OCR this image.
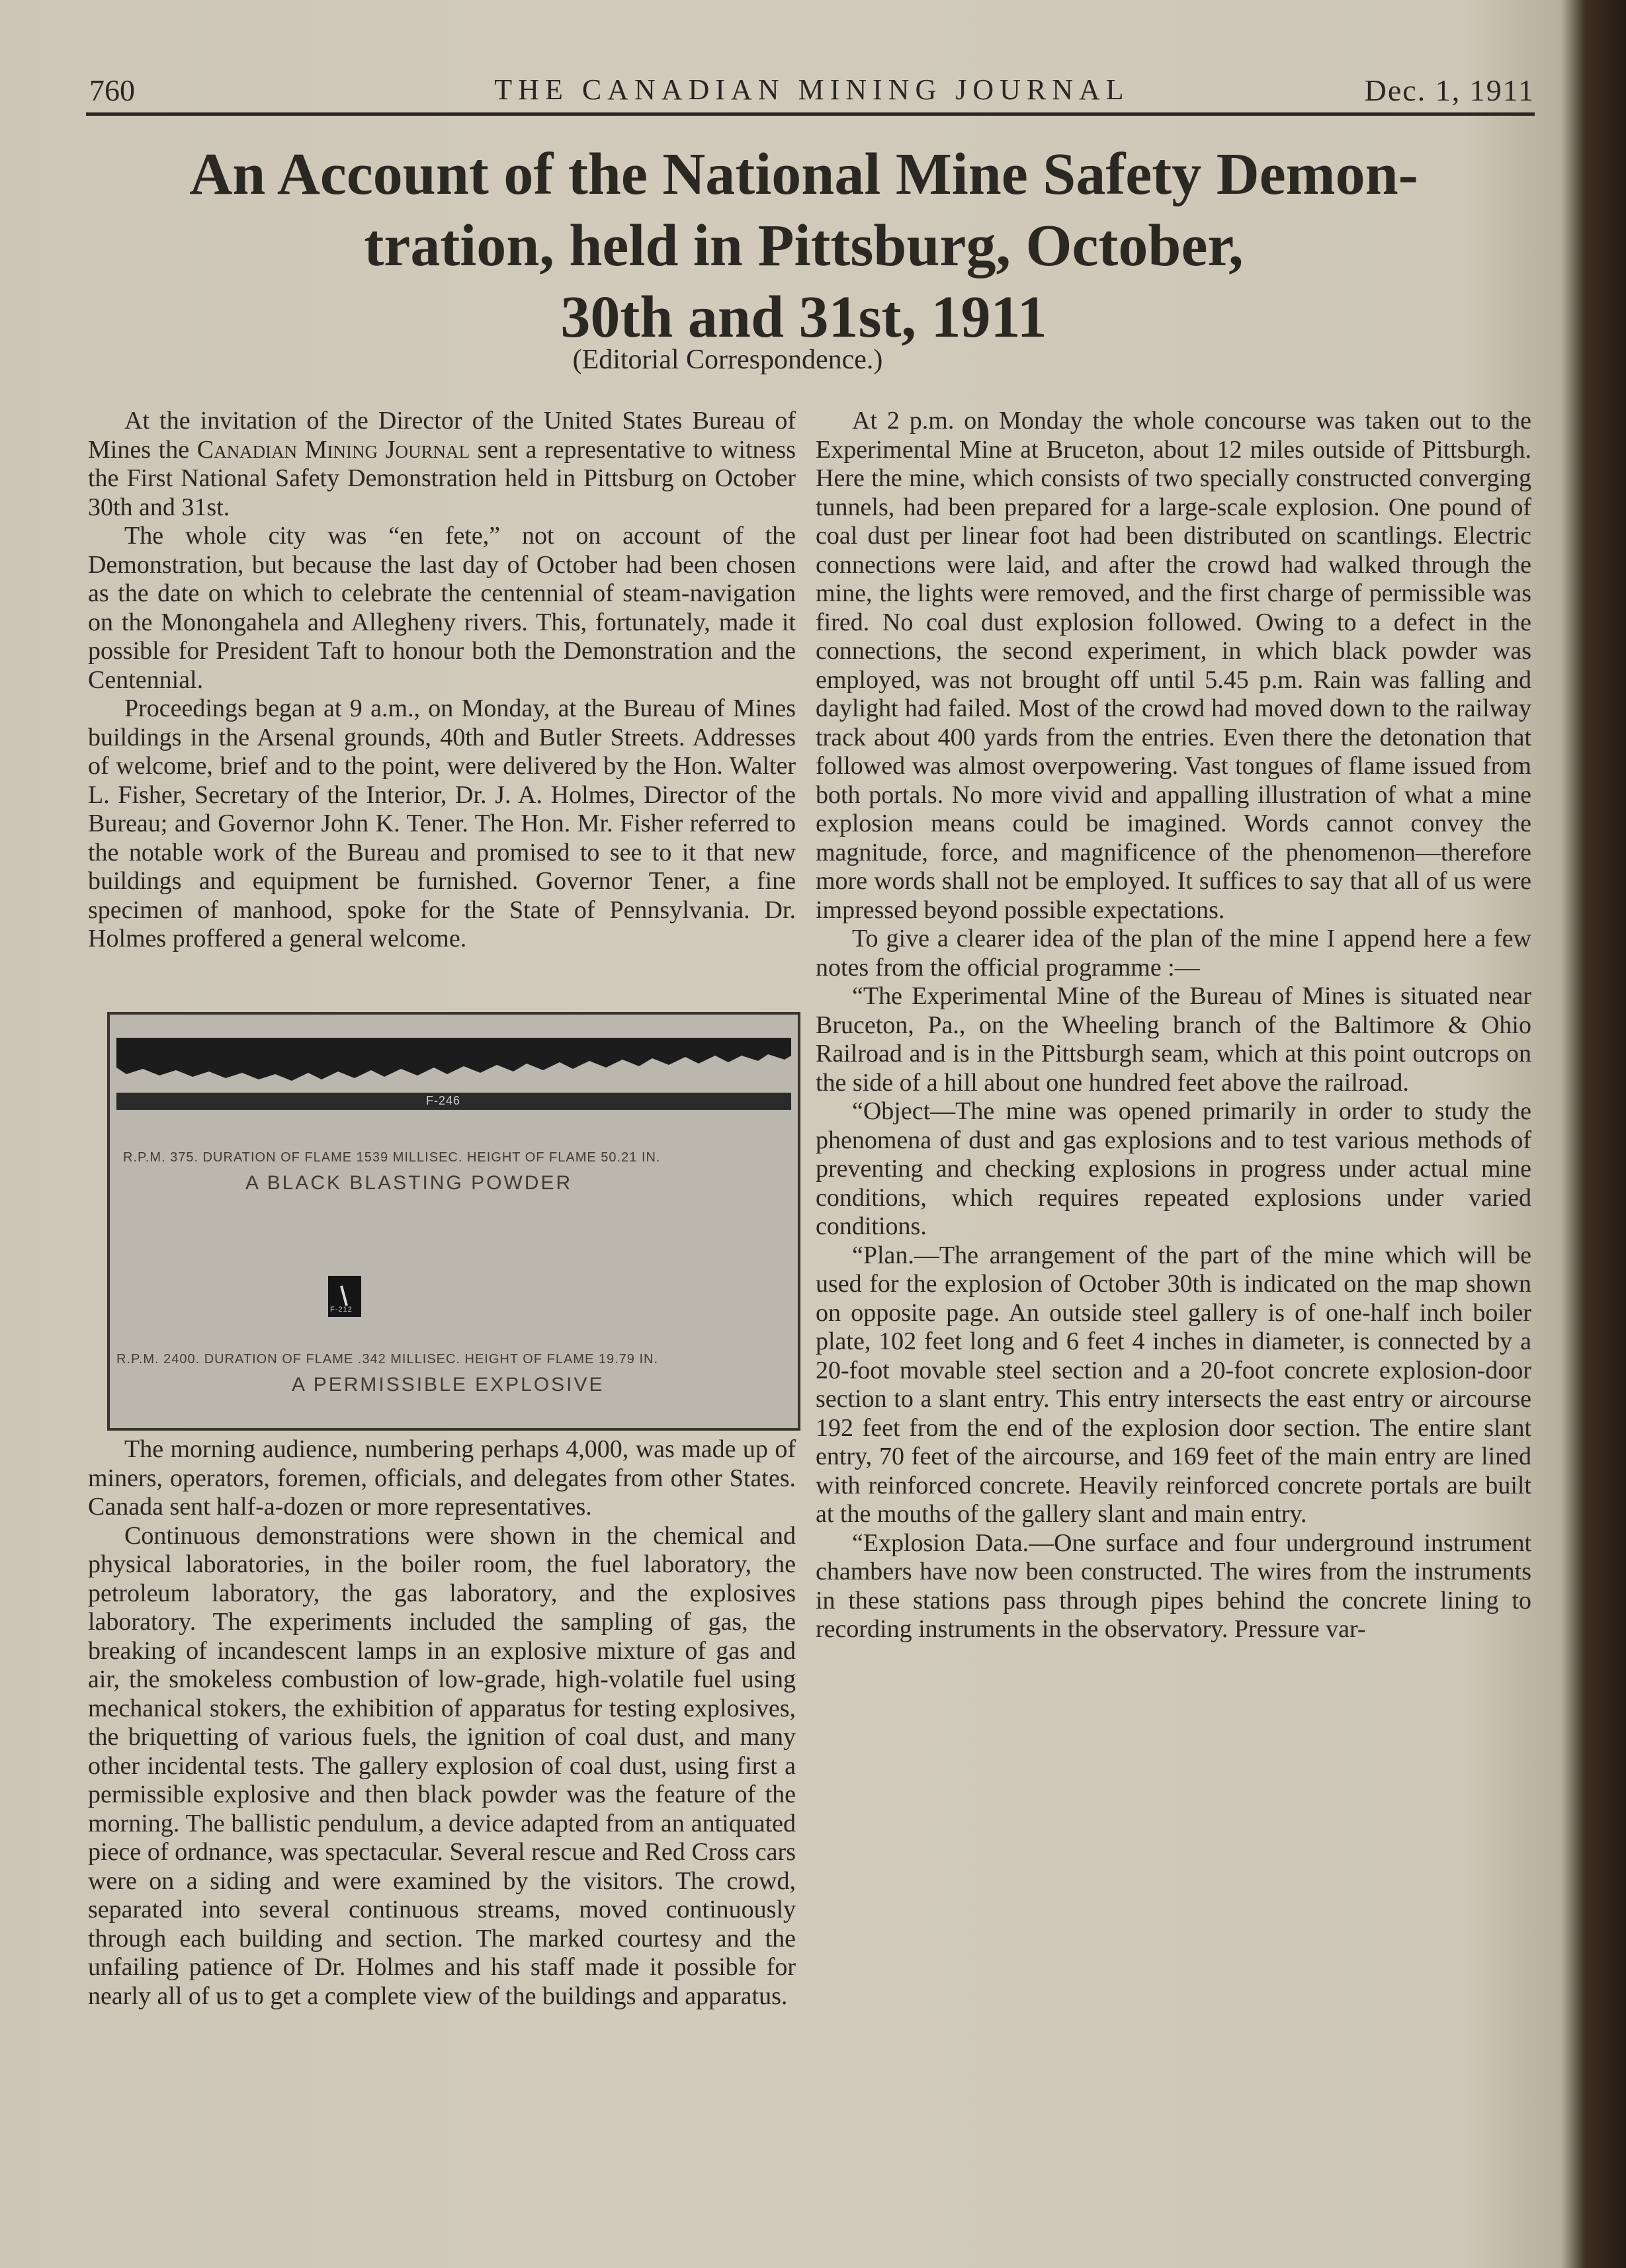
760	THE CANADIAN MINING JOURNAL	Dec. 1, 1911
An Account of the National Mine Safety Demon-
tration, held in Pittsburg, October,
30th and 31st, 1911
(Editorial Correspondence.)

At the invitation of the Director of the United States Bureau of Mines the Canadian Mining Journal sent a representative to witness the First National Safety Demonstration held in Pittsburg on October 30th and 31st.

The whole city was “en fete,” not on account of the Demonstration, but because the last day of October had been chosen as the date on which to celebrate the centennial of steam-navigation on the Monongahela and Allegheny rivers. This, fortunately, made it possible for President Taft to honour both the Demonstration and the Centennial.

Proceedings began at 9 a.m., on Monday, at the Bureau of Mines buildings in the Arsenal grounds, 40th and Butler Streets. Addresses of welcome, brief and to the point, were delivered by the Hon. Walter L. Fisher, Secretary of the Interior, Dr. J. A. Holmes, Director of the Bureau; and Governor John K. Tener. The Hon. Mr. Fisher referred to the notable work of the Bureau and promised to see to it that new buildings and equipment be furnished. Governor Tener, a fine specimen of manhood, spoke for the State of Pennsylvania. Dr. Holmes proffered a general welcome.

F-246
R.P.M. 375. DURATION OF FLAME 1539 MILLISEC. HEIGHT OF FLAME 50.21 IN.
A BLACK BLASTING POWDER
F-212
R.P.M. 2400. DURATION OF FLAME .342 MILLISEC. HEIGHT OF FLAME 19.79 IN.
A PERMISSIBLE EXPLOSIVE

The morning audience, numbering perhaps 4,000, was made up of miners, operators, foremen, officials, and delegates from other States. Canada sent half-a-dozen or more representatives.

Continuous demonstrations were shown in the chemical and physical laboratories, in the boiler room, the fuel laboratory, the petroleum laboratory, the gas laboratory, and the explosives laboratory. The experiments included the sampling of gas, the breaking of incandescent lamps in an explosive mixture of gas and air, the smokeless combustion of low-grade, high-volatile fuel using mechanical stokers, the exhibition of apparatus for testing explosives, the briquetting of various fuels, the ignition of coal dust, and many other incidental tests. The gallery explosion of coal dust, using first a permissible explosive and then black powder was the feature of the morning. The ballistic pendulum, a device adapted from an antiquated piece of ordnance, was spectacular. Several rescue and Red Cross cars were on a siding and were examined by the visitors. The crowd, separated into several continuous streams, moved continuously through each building and section. The marked courtesy and the unfailing patience of Dr. Holmes and his staff made it possible for nearly all of us to get a complete view of the buildings and apparatus.

At 2 p.m. on Monday the whole concourse was taken out to the Experimental Mine at Bruceton, about 12 miles outside of Pittsburgh. Here the mine, which consists of two specially constructed converging tunnels, had been prepared for a large-scale explosion. One pound of coal dust per linear foot had been distributed on scantlings. Electric connections were laid, and after the crowd had walked through the mine, the lights were removed, and the first charge of permissible was fired. No coal dust explosion followed. Owing to a defect in the connections, the second experiment, in which black powder was employed, was not brought off until 5.45 p.m. Rain was falling and daylight had failed. Most of the crowd had moved down to the railway track about 400 yards from the entries. Even there the detonation that followed was almost overpowering. Vast tongues of flame issued from both portals. No more vivid and appalling illustration of what a mine explosion means could be imagined. Words cannot convey the magnitude, force, and magnificence of the phenomenon—therefore more words shall not be employed. It suffices to say that all of us were impressed beyond possible expectations.

To give a clearer idea of the plan of the mine I append here a few notes from the official programme :—

“The Experimental Mine of the Bureau of Mines is situated near Bruceton, Pa., on the Wheeling branch of the Baltimore & Ohio Railroad and is in the Pittsburgh seam, which at this point outcrops on the side of a hill about one hundred feet above the railroad.

“Object—The mine was opened primarily in order to study the phenomena of dust and gas explosions and to test various methods of preventing and checking explosions in progress under actual mine conditions, which requires repeated explosions under varied conditions.

“Plan.—The arrangement of the part of the mine which will be used for the explosion of October 30th is indicated on the map shown on opposite page. An outside steel gallery is of one-half inch boiler plate, 102 feet long and 6 feet 4 inches in diameter, is connected by a 20-foot movable steel section and a 20-foot concrete explosion-door section to a slant entry. This entry intersects the east entry or aircourse 192 feet from the end of the explosion door section. The entire slant entry, 70 feet of the aircourse, and 169 feet of the main entry are lined with reinforced concrete. Heavily reinforced concrete portals are built at the mouths of the gallery slant and main entry.

“Explosion Data.—One surface and four underground instrument chambers have now been constructed. The wires from the instruments in these stations pass through pipes behind the concrete lining to recording instruments in the observatory. Pressure var-
